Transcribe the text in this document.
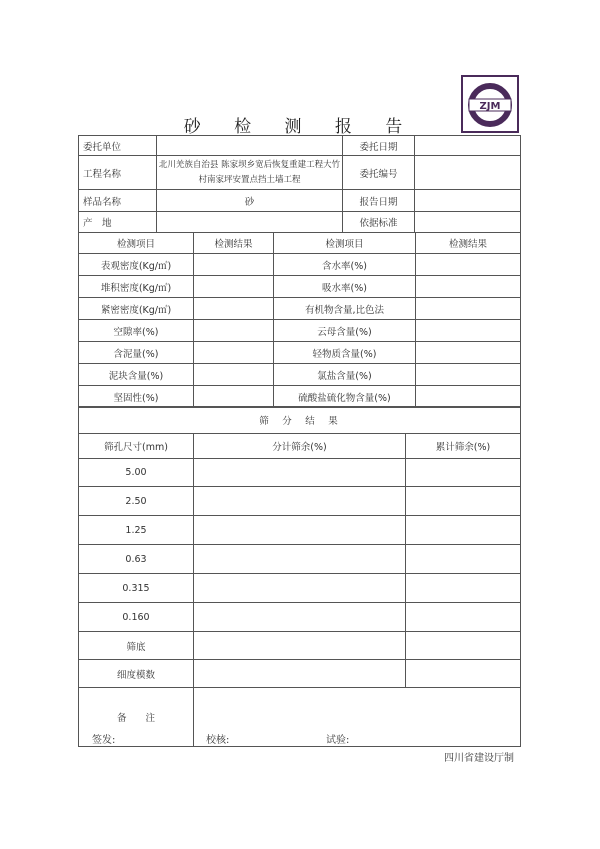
ZJM
砂 检 测 报 告
委托单位		委托日期	
工程名称	北川羌族自治县 陈家坝乡宽后恢复重建工程大竹村南家坪安置点挡土墙工程	委托编号	
样品名称	砂	报告日期	
产　地		依据标准	
检测项目	检测结果	检测项目	检测结果
表观密度(Kg/㎥)		含水率(%)	
堆积密度(Kg/㎥)		吸水率(%)	
紧密密度(Kg/㎥)		有机物含量,比色法	
空隙率(%)		云母含量(%)	
含泥量(%)		轻物质含量(%)	
泥块含量(%)		氯盐含量(%)	
坚固性(%)		硫酸盐硫化物含量(%)	
筛　分　结　果		
筛孔尺寸(mm)	分计筛余(%)	累计筛余(%)
5.00		
2.50		
1.25		
0.63		
0.315		
0.160		
筛底		
细度模数		
备　　注		
签发:	校核:	试验:
四川省建设厅制
